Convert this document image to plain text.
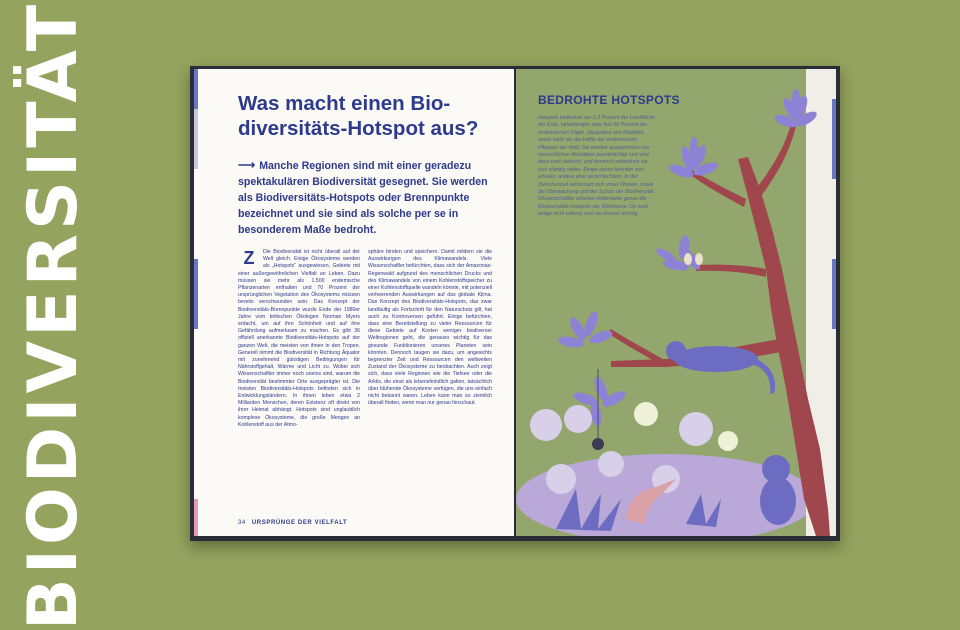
BIODIVERSITÄT	Was macht einen Bio-diversitäts-Hotspot aus?
⟶ Manche Regionen sind mit einer geradezu spektakulären Biodiversität gesegnet. Sie werden als Biodiversitäts-Hotspots oder Brennpunkte bezeichnet und sie sind als solche per se in besonderem Maße bedroht.
Z	Die Biodiversität ist nicht überall auf der Welt gleich. Einige Ökosysteme werden als „Hotspots“ ausgewiesen, Gebiete mit einer außergewöhnlichen Vielfalt an Leben. Dazu müssen sie mehr als 1.500 endemische Pflanzenarten enthalten und 70 Prozent der ursprünglichen Vegetation des Ökosystems müssen bereits verschwunden sein. Das Konzept der Biodiversitäts-Brennpunkte wurde Ende der 1980er Jahre vom britischen Ökologen Norman Myers erdacht, um auf ihre Schönheit und auf ihre Gefährdung aufmerksam zu machen. Es gibt 36 offiziell anerkannte Biodiversitäts-Hotspots auf der ganzen Welt, die meisten von ihnen in den Tropen. Generell nimmt die Biodiversität in Richtung Äquator mit zunehmend günstigen Bedingungen für Nährstoffgehalt, Wärme und Licht zu. Wobei sich Wissenschaftler immer noch uneins sind, warum die Biodiversität bestimmter Orte ausgeprägter ist. Die meisten Biodiversitäts-Hotspots befinden sich in Entwicklungsländern. In ihnen leben etwa 2 Milliarden Menschen, deren Existenz oft direkt von ihrer Heimat abhängt. Hotspots sind unglaublich komplexe Ökosysteme, die große Mengen an Kohlenstoff aus der Atmo-
sphäre binden und speichern. Damit mildern sie die Auswirkungen des Klimawandels. Viele Wissenschaftler befürchten, dass sich der Amazonas-Regenwald aufgrund des menschlichen Drucks und des Klimawandels von einem Kohlenstoffspeicher zu einer Kohlenstoffquelle wandeln könnte, mit potenziell verheerenden Auswirkungen auf das globale Klima. Das Konzept des Biodiversitäts-Hotspots, das zwar landläufig als Fortschritt für den Naturschutz gilt, hat auch zu Kontroversen geführt. Einige befürchten, dass eine Bereitstellung zu vieler Ressourcen für diese Gebiete auf Kosten weniger biodiverser Weltregionen geht, die genauso wichtig für das gesunde Funktionieren unseres Planeten sein könnten. Dennoch taugen sie dazu, um angesichts begrenzter Zeit und Ressourcen den weltweiten Zustand der Ökosysteme zu beobachten. Auch zeigt sich, dass viele Regionen wie die Tiefsee oder die Arktis, die einst als lebensfeindlich galten, tatsächlich über blühende Ökosysteme verfügen, die uns einfach nicht bekannt waren. Leben kann man so ziemlich überall finden, wenn man nur genau hinschaut.
34 URSPRÜNGE DER VIELFALT
BEDROHTE HOTSPOTS
Hotspots bedecken nur 2,3 Prozent der Landfläche der Erde, beherbergen aber fast 60 Prozent der endemischen Vögel, Säugetiere und Reptilien, sowie mehr als die Hälfte der endemischen Pflanzen der Welt. Sie werden ausnahmslos von menschlichen Aktivitäten beeinträchtigt und sind dazu noch bedroht, und dennoch entwickeln sie sich ständig weiter. Einige davon könnten sich erholen, andere eher verschlechtern. In der Zwischenzeit verbessert sich unser Wissen, sowie die Überwachung und der Schutz der Biodiversität. Wissenschaftler arbeiten mittlerweile genau die Biodiversitäts-Hotspots der Weltmeere. Ob wohl einige nicht erfasst, sind sie ebenso wichtig.
